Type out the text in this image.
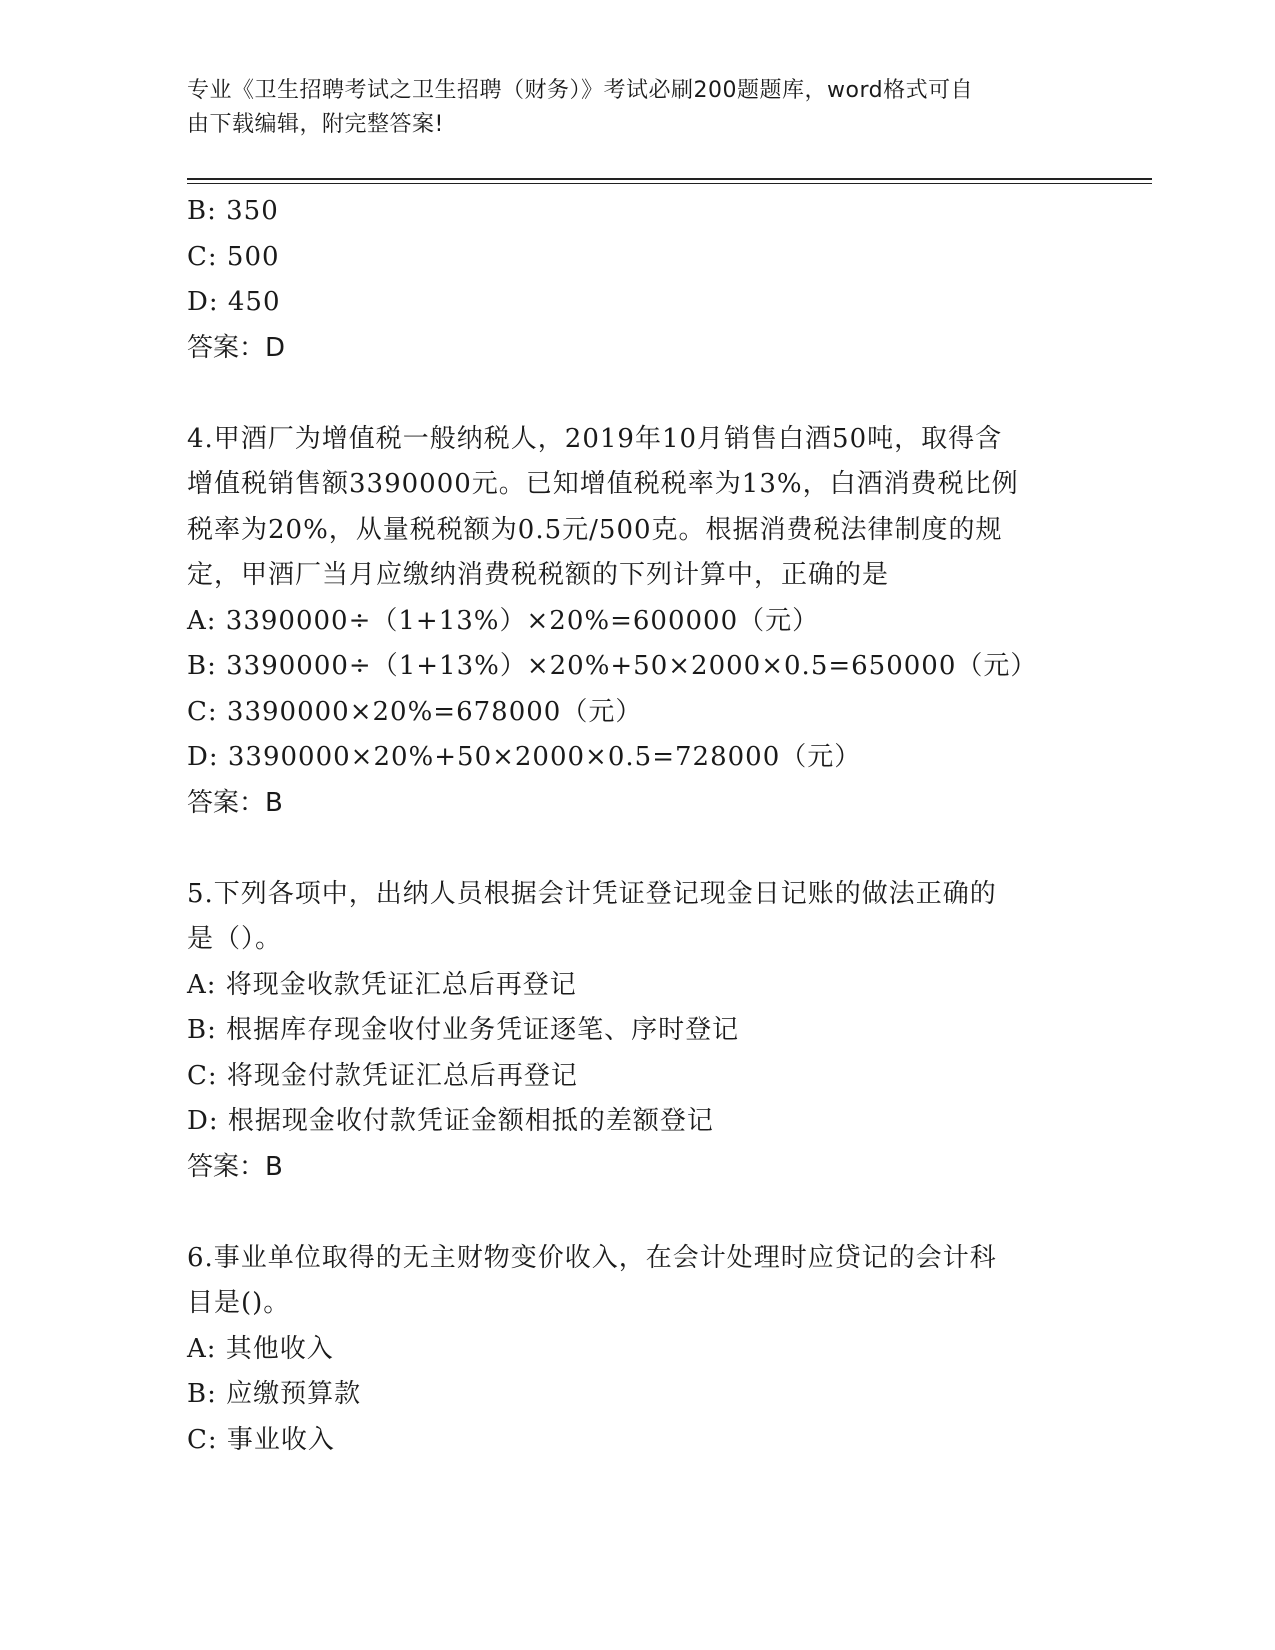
专业《卫生招聘考试之卫生招聘（财务）》考试必刷200题题库，word格式可自
由下载编辑，附完整答案!
B: 350
C: 500
D: 450
答案：D
4.甲酒厂为增值税一般纳税人，2019年10月销售白酒50吨，取得含
增值税销售额3390000元。已知增值税税率为13%，白酒消费税比例
税率为20%，从量税税额为0.5元/500克。根据消费税法律制度的规
定，甲酒厂当月应缴纳消费税税额的下列计算中，正确的是
A: 3390000÷（1+13%）×20%=600000（元）
B: 3390000÷（1+13%）×20%+50×2000×0.5=650000（元）
C: 3390000×20%=678000（元）
D: 3390000×20%+50×2000×0.5=728000（元）
答案：B
5.下列各项中，出纳人员根据会计凭证登记现金日记账的做法正确的
是（）。
A: 将现金收款凭证汇总后再登记
B: 根据库存现金收付业务凭证逐笔、序时登记
C: 将现金付款凭证汇总后再登记
D: 根据现金收付款凭证金额相抵的差额登记
答案：B
6.事业单位取得的无主财物变价收入，在会计处理时应贷记的会计科
目是()。
A: 其他收入
B: 应缴预算款
C: 事业收入
